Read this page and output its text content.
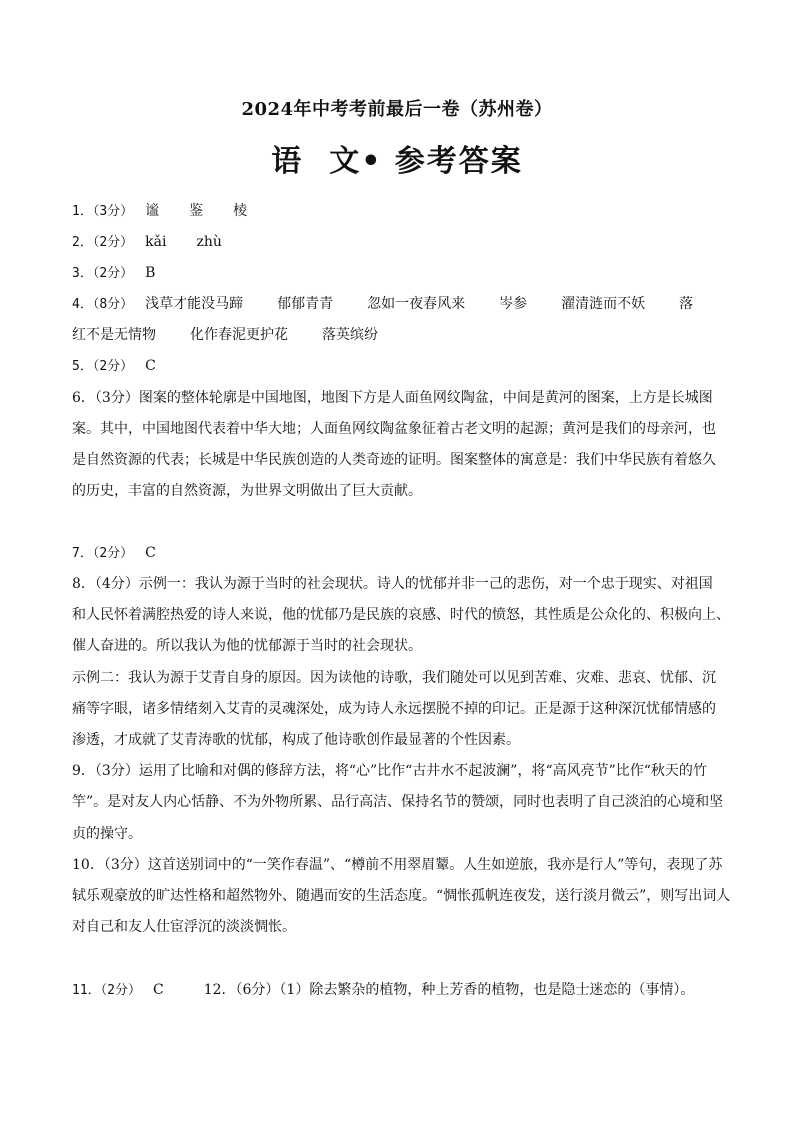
2024年中考考前最后一卷（苏州卷）
语 文• 参考答案
1．（3分） 谧 鉴 棱
2．（2分） kǎi zhù
3．（2分） B
4．（8分） 浅草才能没马蹄 郁郁青青 忽如一夜春风来 岑参 濯清涟而不妖 落
红不是无情物 化作春泥更护花 落英缤纷
5．（2分） C
6．（3分）图案的整体轮廓是中国地图，地图下方是人面鱼网纹陶盆，中间是黄河的图案，上方是长城图
案。其中，中国地图代表着中华大地；人面鱼网纹陶盆象征着古老文明的起源；黄河是我们的母亲河，也
是自然资源的代表；长城是中华民族创造的人类奇迹的证明。图案整体的寓意是：我们中华民族有着悠久
的历史，丰富的自然资源，为世界文明做出了巨大贡献。
7．（2分） C
8．（4分）示例一：我认为源于当时的社会现状。诗人的忧郁并非一己的悲伤，对一个忠于现实、对祖国
和人民怀着满腔热爱的诗人来说，他的忧郁乃是民族的哀感、时代的愤怒，其性质是公众化的、积极向上、
催人奋进的。所以我认为他的忧郁源于当时的社会现状。
示例二：我认为源于艾青自身的原因。因为读他的诗歌，我们随处可以见到苦难、灾难、悲哀、忧郁、沉
痛等字眼，诸多情绪刻入艾青的灵魂深处，成为诗人永远摆脱不掉的印记。正是源于这种深沉忧郁情感的
渗透，才成就了艾青涛歌的忧郁，构成了他诗歌创作最显著的个性因素。
9．（3分）运用了比喻和对偶的修辞方法，将“心”比作“古井水不起波澜”，将“高风亮节”比作“秋天的竹
竿”。是对友人内心恬静、不为外物所累、品行高洁、保持名节的赞颂，同时也表明了自己淡泊的心境和坚
贞的操守。
10．（3分）这首送别词中的“一笑作春温”、“樽前不用翠眉颦。人生如逆旅，我亦是行人”等句，表现了苏
轼乐观豪放的旷达性格和超然物外、随遇而安的生活态度。“惆怅孤帆连夜发，送行淡月微云”，则写出词人
对自己和友人仕宦浮沉的淡淡惆怅。
11．（2分） C	12．（6分）（1）除去繁杂的植物，种上芳香的植物，也是隐士迷恋的（事情）。
